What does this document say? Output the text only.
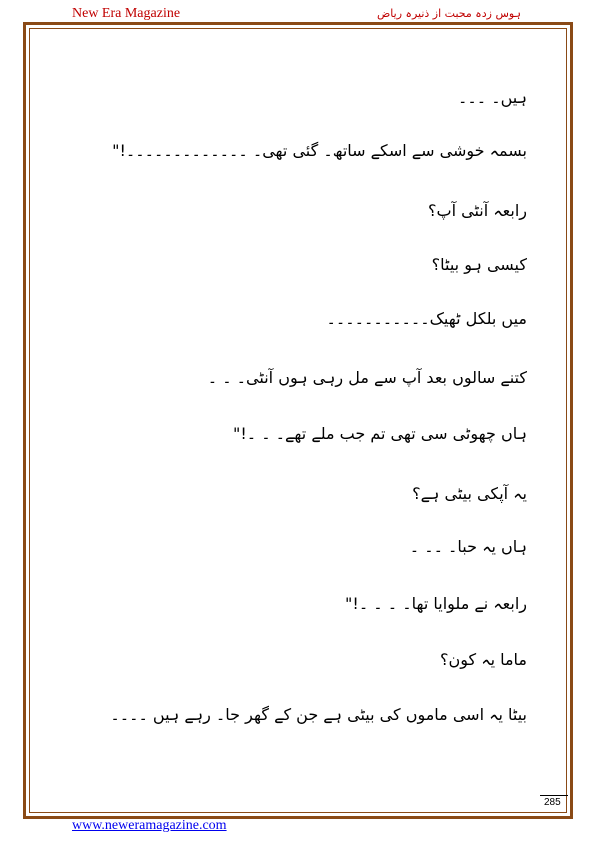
New Era Magazine	ہوس زدہ محبت از ذنیرہ ریاض
ہیں۔ ۔۔۔
بسمہ خوشی سے اسکے ساتھ۔ گئی تھی۔ ۔۔۔۔۔۔۔۔۔۔۔۔۔!"
رابعہ آنٹی آپ؟
کیسی ہو بیٹا؟
میں بلکل ٹھیک۔۔۔۔۔۔۔۔۔۔۔
کتنے سالوں بعد آپ سے مل رہی ہوں آنٹی۔ ۔ ۔
ہاں چھوٹی سی تھی تم جب ملے تھے۔ ۔ ۔!"
یہ آپکی بیٹی ہے؟
ہاں یہ حبا۔ ۔۔ ۔
رابعہ نے ملوایا تھا۔ ۔ ۔ ۔!"
ماما یہ کون؟
بیٹا یہ اسی ماموں کی بیٹی ہے جن کے گھر جا۔ رہے ہیں ۔۔۔۔
285
www.neweramagazine.com
